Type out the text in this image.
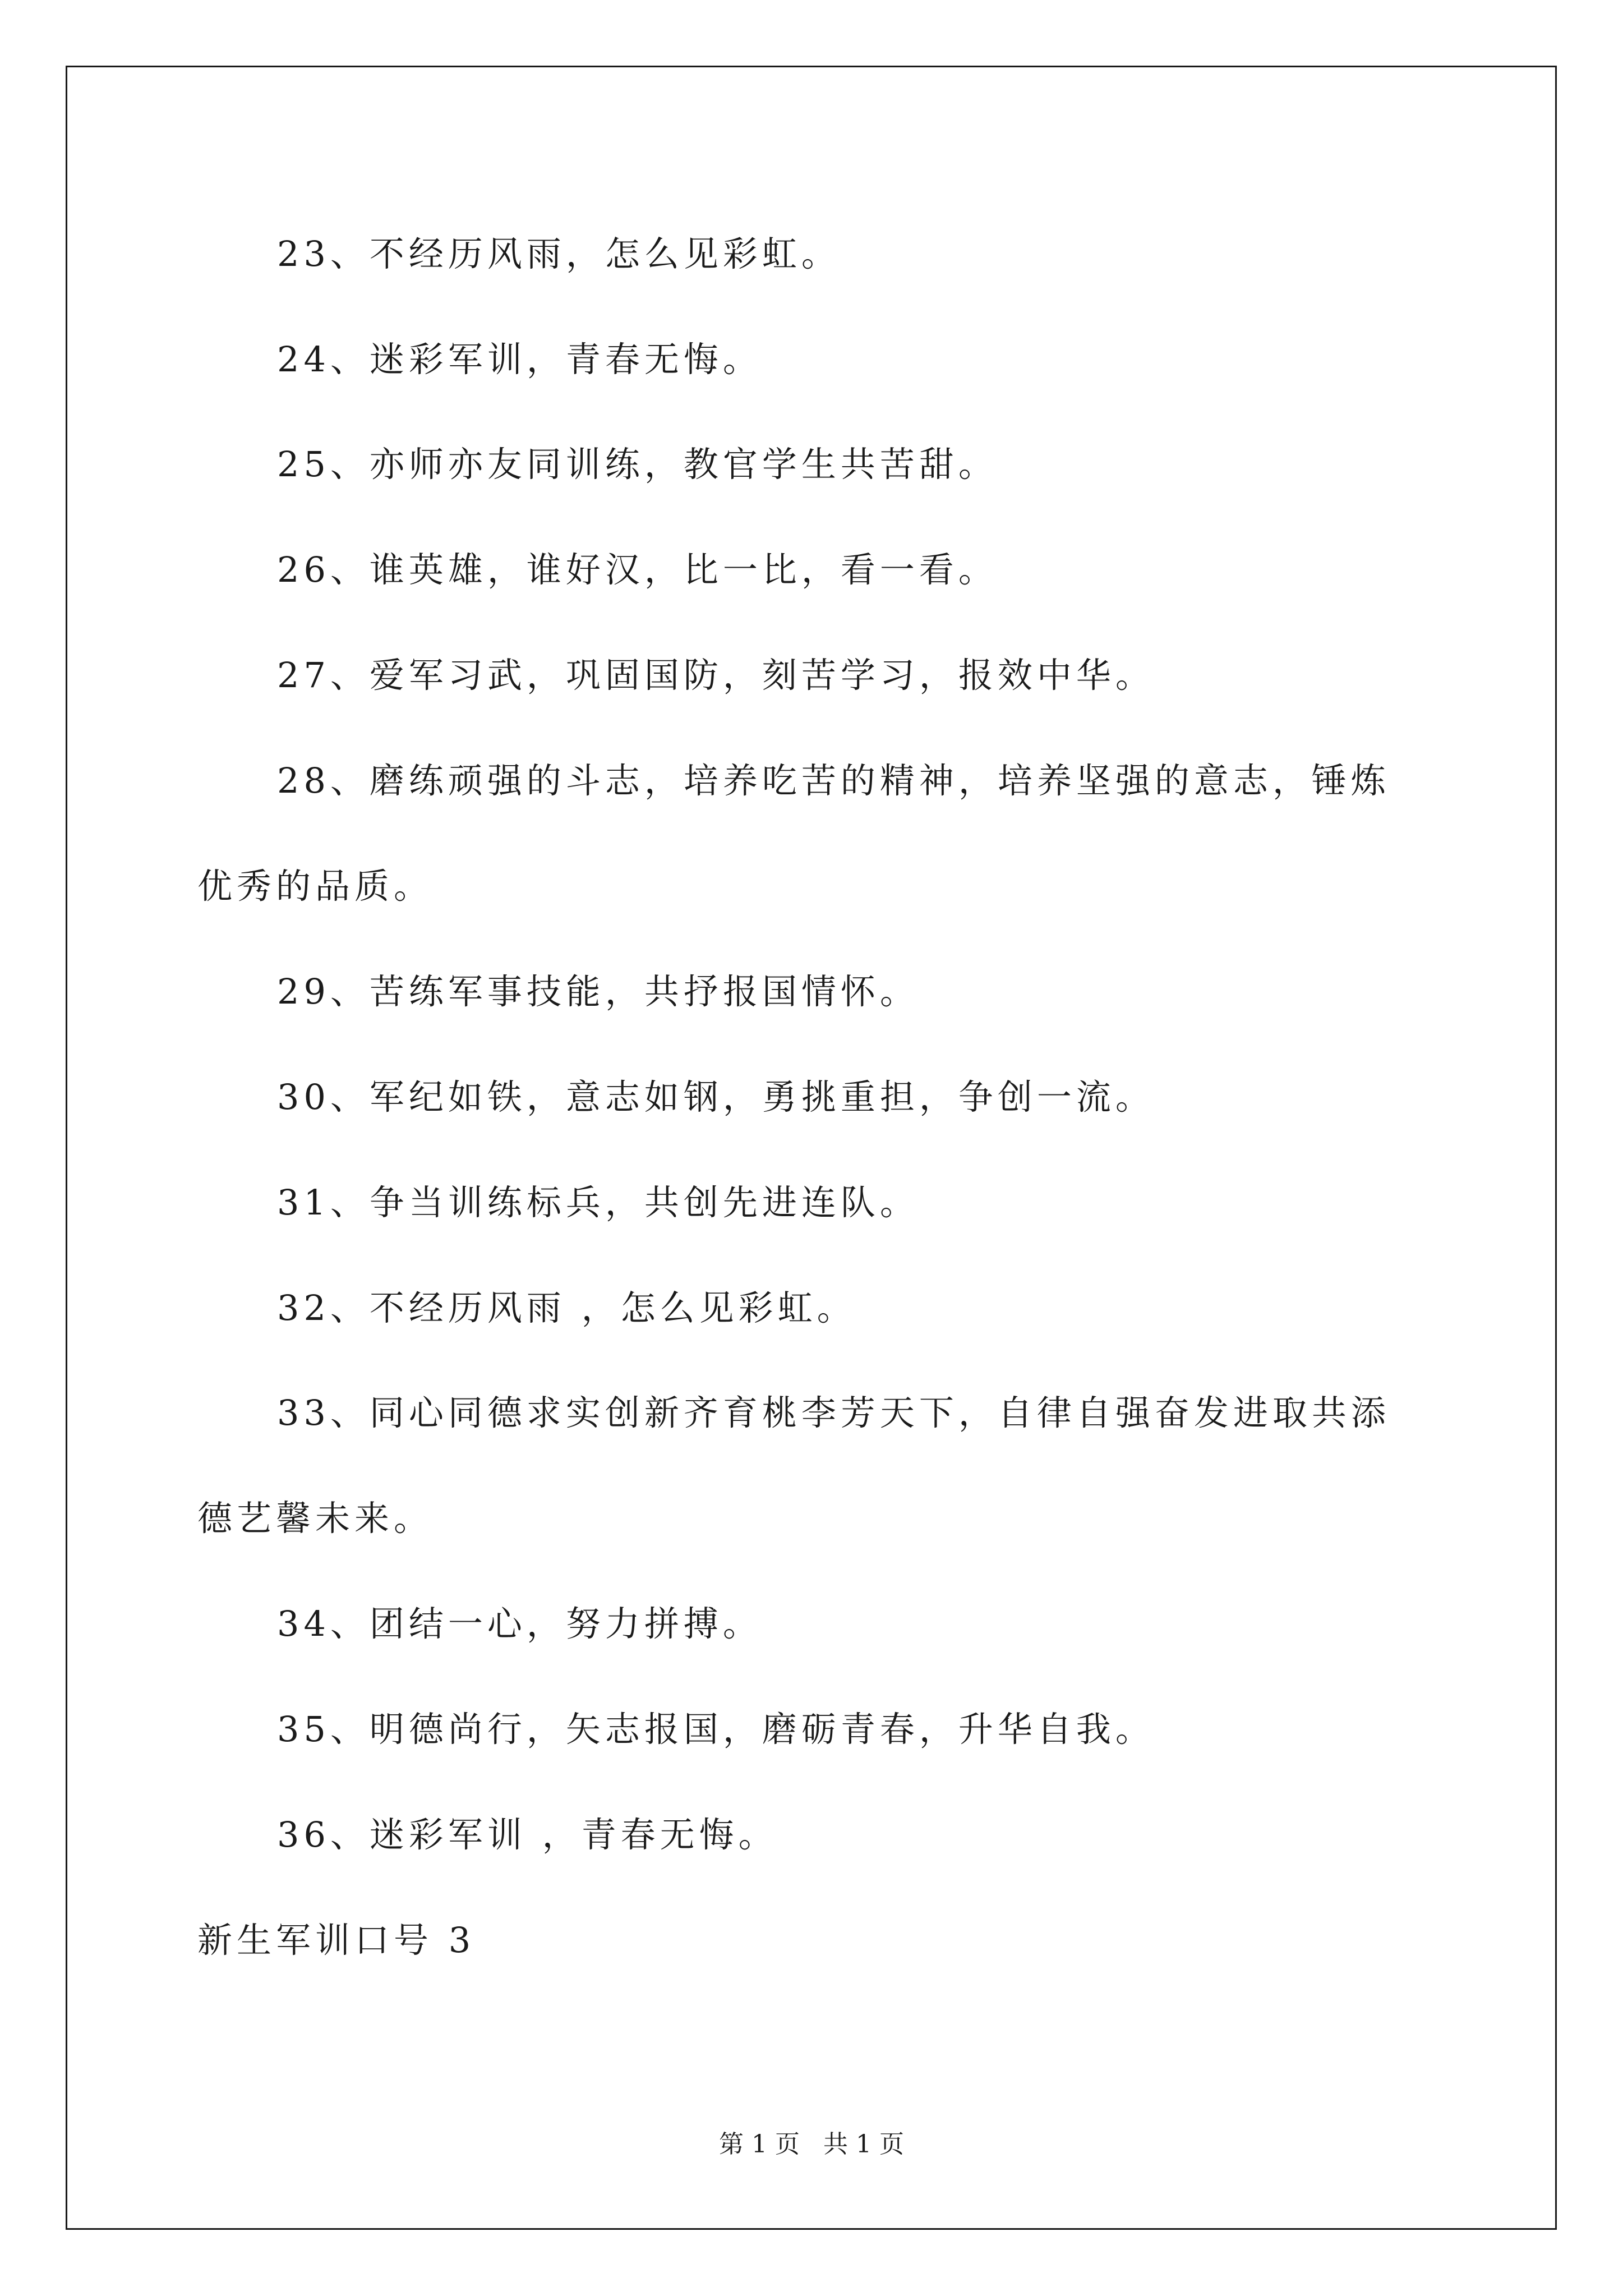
23、不经历风雨，怎么见彩虹。
24、迷彩军训，青春无悔。
25、亦师亦友同训练，教官学生共苦甜。
26、谁英雄，谁好汉，比一比，看一看。
27、爱军习武，巩固国防，刻苦学习，报效中华。
28、磨练顽强的斗志，培养吃苦的精神，培养坚强的意志，锤炼
优秀的品质。
29、苦练军事技能，共抒报国情怀。
30、军纪如铁，意志如钢，勇挑重担，争创一流。
31、争当训练标兵，共创先进连队。
32、不经历风雨 ，怎么见彩虹。
33、同心同德求实创新齐育桃李芳天下，自律自强奋发进取共添
德艺馨未来。
34、团结一心，努力拼搏。
35、明德尚行，矢志报国，磨砺青春，升华自我。
36、迷彩军训 ，青春无悔。
新生军训口号 3
第 1 页   共 1 页
